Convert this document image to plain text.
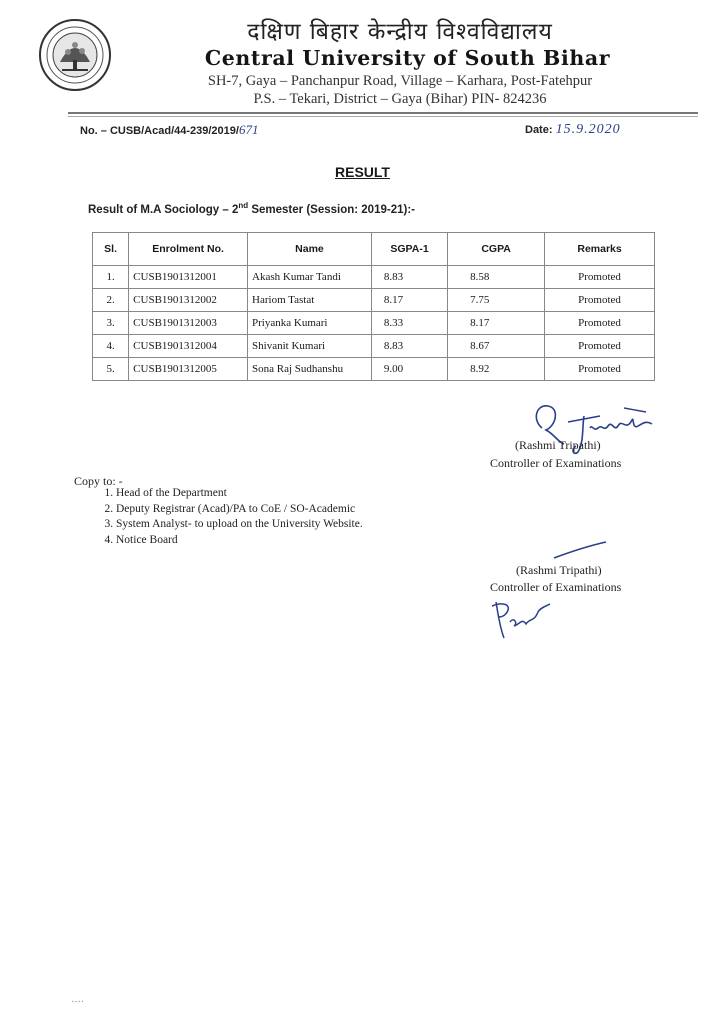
दक्षिण बिहार केन्द्रीय विश्वविद्यालय
Central University of South Bihar
SH-7, Gaya – Panchanpur Road, Village – Karhara, Post-Fatehpur
P.S. – Tekari, District – Gaya (Bihar) PIN- 824236
No. – CUSB/Acad/44-239/2019/671	Date: 15.9.2020
RESULT
Result of M.A Sociology – 2nd Semester (Session: 2019-21):-
Sl.	Enrolment No.	Name	SGPA-1	CGPA	Remarks
1.	CUSB1901312001	Akash Kumar Tandi	8.83	8.58	Promoted
2.	CUSB1901312002	Hariom Tastat	8.17	7.75	Promoted
3.	CUSB1901312003	Priyanka Kumari	8.33	8.17	Promoted
4.	CUSB1901312004	Shivanit Kumari	8.83	8.67	Promoted
5.	CUSB1901312005	Sona Raj Sudhanshu	9.00	8.92	Promoted
(Rashmi Tripathi)
Controller of Examinations
Copy to: -
1. Head of the Department
2. Deputy Registrar (Acad)/PA to CoE / SO-Academic
3. System Analyst- to upload on the University Website.
4. Notice Board
(Rashmi Tripathi)
Controller of Examinations
▪ ▪ ▪ ▪
